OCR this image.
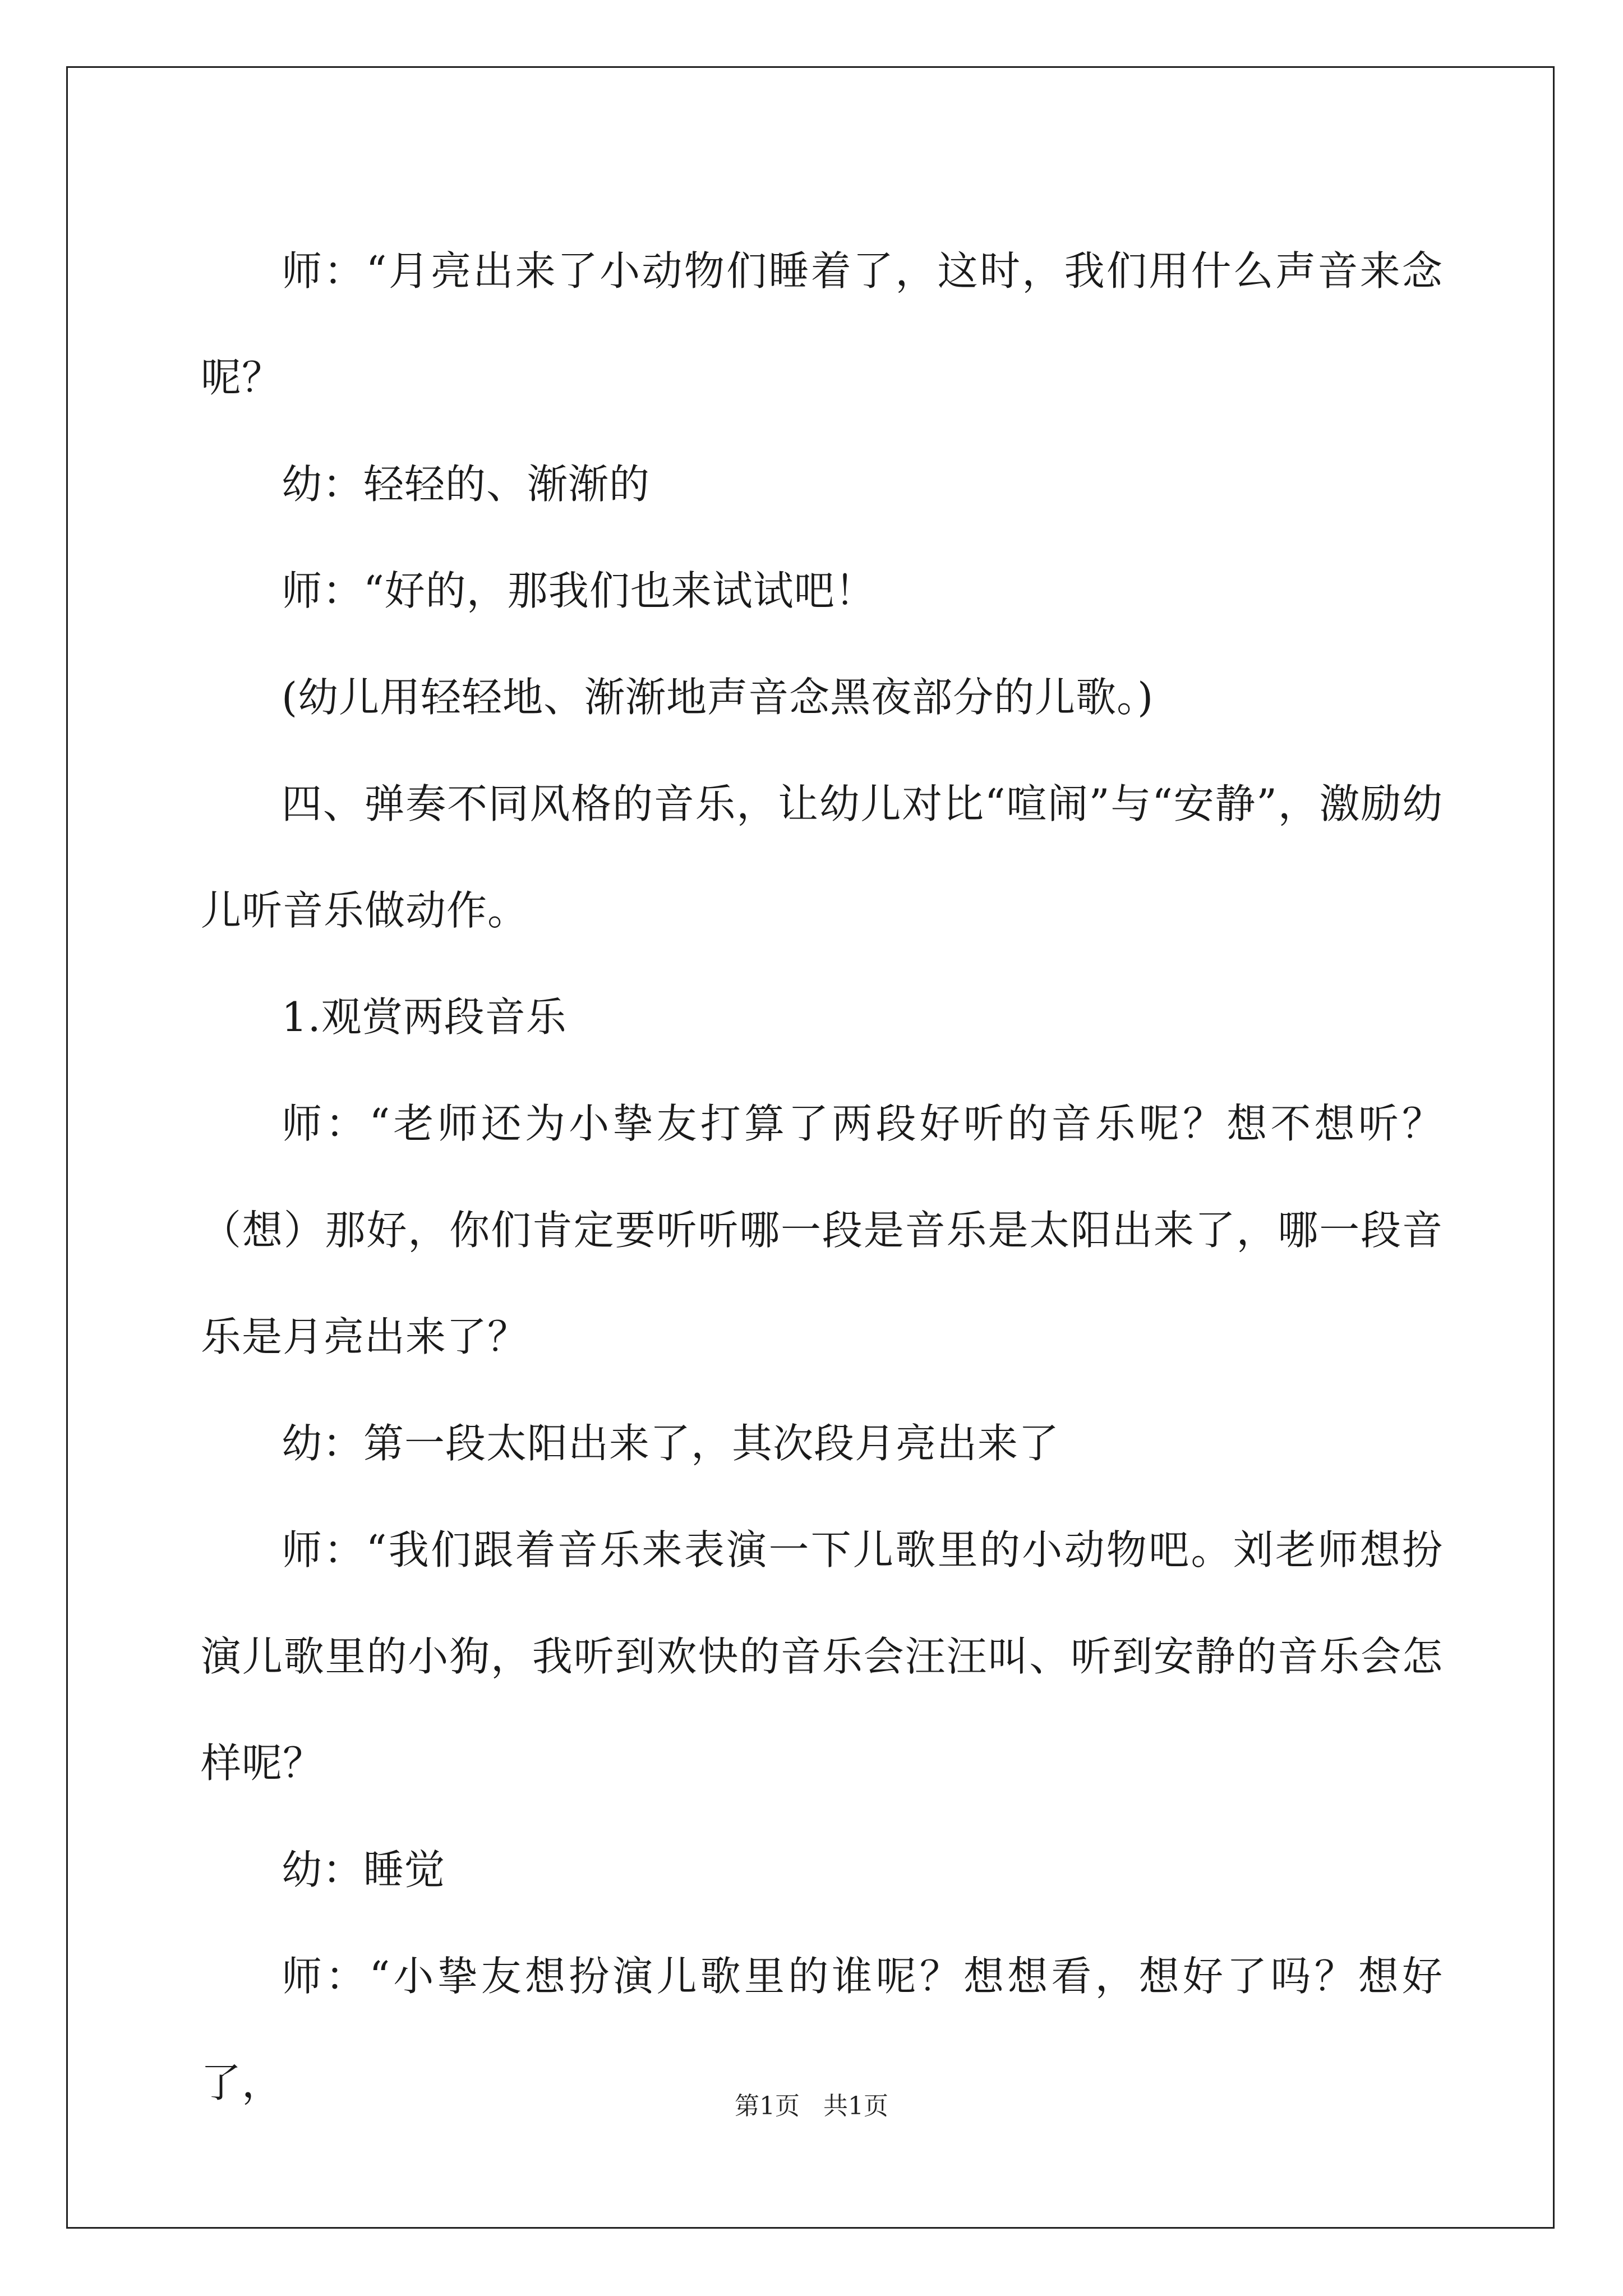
师：“月亮出来了小动物们睡着了，这时，我们用什么声音来念呢？

幼：轻轻的、渐渐的

师：“好的，那我们也来试试吧！

(幼儿用轻轻地、渐渐地声音念黑夜部分的儿歌。)

四、弹奏不同风格的音乐，让幼儿对比“喧闹”与“安静”，激励幼儿听音乐做动作。

1.观赏两段音乐

师：“老师还为小挚友打算了两段好听的音乐呢？想不想听？（想）那好，你们肯定要听听哪一段是音乐是太阳出来了，哪一段音乐是月亮出来了？

幼：第一段太阳出来了，其次段月亮出来了

师：“我们跟着音乐来表演一下儿歌里的小动物吧。刘老师想扮演儿歌里的小狗，我听到欢快的音乐会汪汪叫、听到安静的音乐会怎样呢？

幼：睡觉

师：“小挚友想扮演儿歌里的谁呢？想想看，想好了吗？想好了，	第1页   共1页
